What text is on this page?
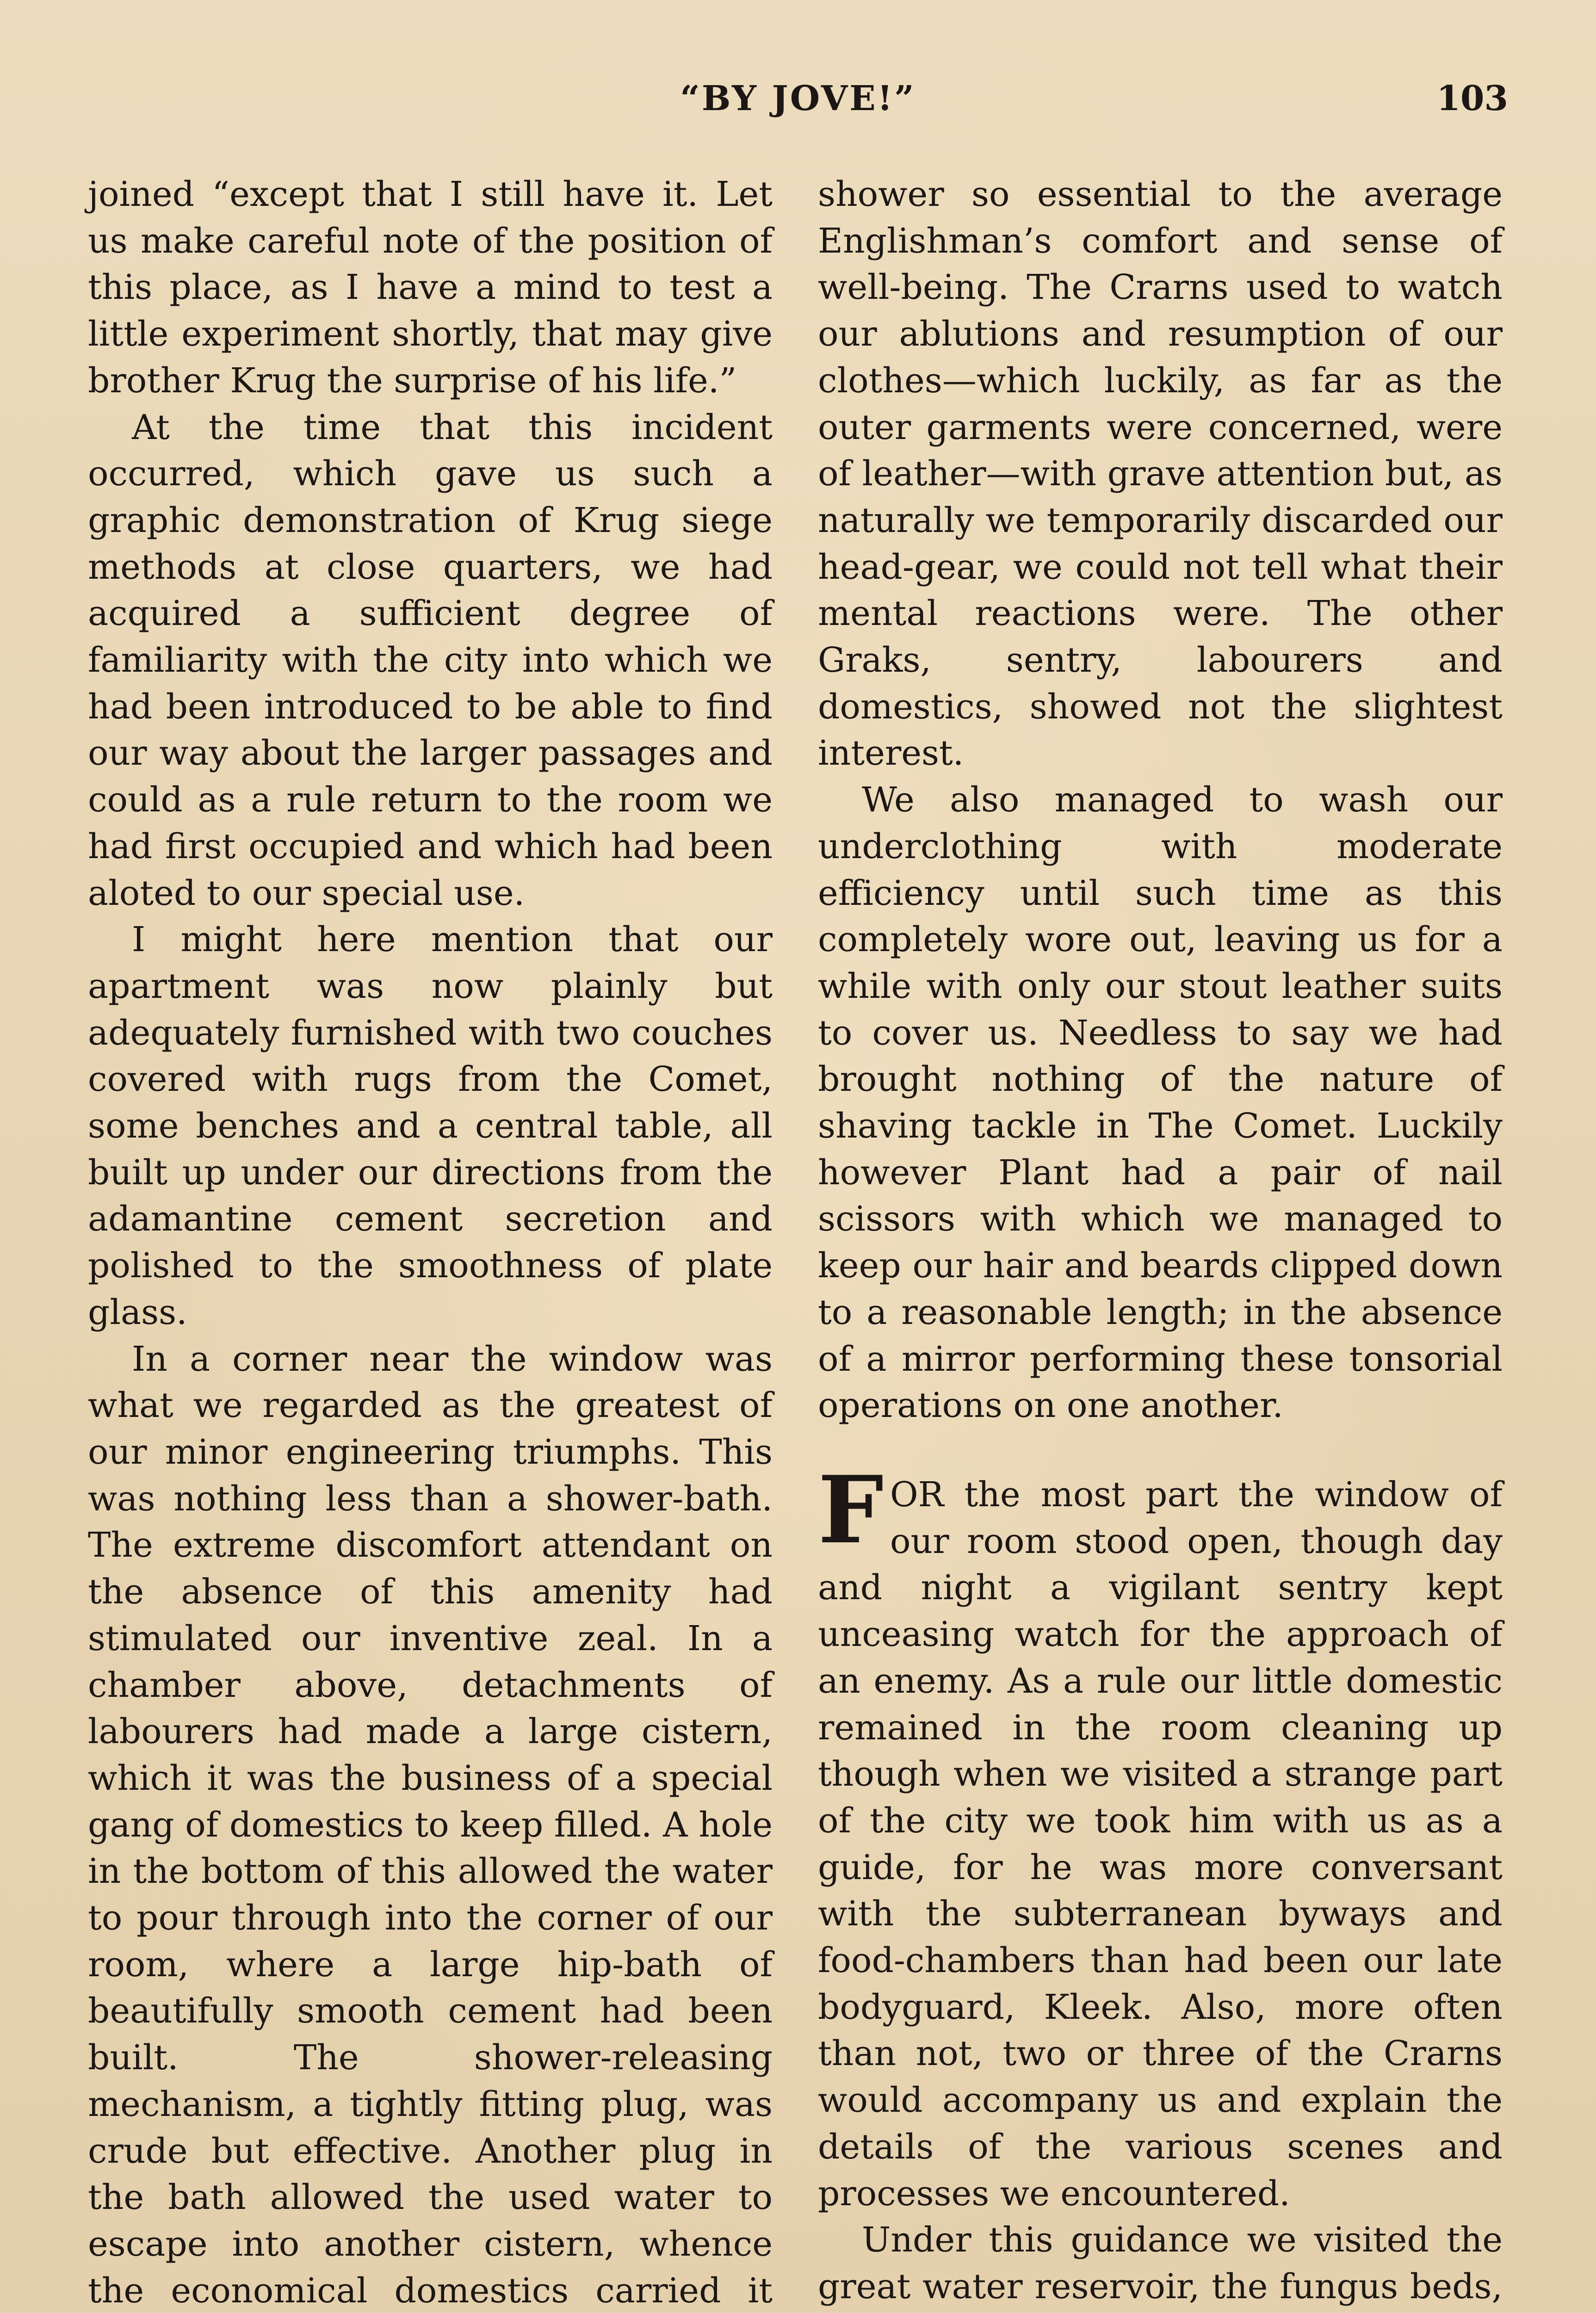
“BY JOVE!”	103

joined “except that I still have it. Let us make careful note of the position of this place, as I have a mind to test a little experiment shortly, that may give brother Krug the surprise of his life.”

At the time that this incident occurred, which gave us such a graphic demonstration of Krug siege methods at close quarters, we had acquired a sufficient degree of familiarity with the city into which we had been introduced to be able to find our way about the larger passages and could as a rule return to the room we had first occupied and which had been aloted to our special use.

I might here mention that our apartment was now plainly but adequately furnished with two couches covered with rugs from the Comet, some benches and a central table, all built up under our directions from the adamantine cement secretion and polished to the smoothness of plate glass.

In a corner near the window was what we regarded as the greatest of our minor engineering triumphs. This was nothing less than a shower-bath. The extreme discomfort attendant on the absence of this amenity had stimulated our inventive zeal. In a chamber above, detachments of labourers had made a large cistern, which it was the business of a special gang of domestics to keep filled. A hole in the bottom of this allowed the water to pour through into the corner of our room, where a large hip-bath of beautifully smooth cement had been built. The shower-releasing mechanism, a tightly fitting plug, was crude but effective. Another plug in the bath allowed the used water to escape into another cistern, whence the economical domestics carried it

shower so essential to the average Englishman’s comfort and sense of well-being. The Crarns used to watch our ablutions and resumption of our clothes—which luckily, as far as the outer garments were concerned, were of leather—with grave attention but, as naturally we temporarily discarded our head-gear, we could not tell what their mental reactions were. The other Graks, sentry, labourers and domestics, showed not the slightest interest.

We also managed to wash our underclothing with moderate efficiency until such time as this completely wore out, leaving us for a while with only our stout leather suits to cover us. Needless to say we had brought nothing of the nature of shaving tackle in The Comet. Luckily however Plant had a pair of nail scissors with which we managed to keep our hair and beards clipped down to a reasonable length; in the absence of a mirror performing these tonsorial operations on one another.

FOR the most part the window of our room stood open, though day and night a vigilant sentry kept unceasing watch for the approach of an enemy. As a rule our little domestic remained in the room cleaning up though when we visited a strange part of the city we took him with us as a guide, for he was more conversant with the subterranean byways and food-chambers than had been our late bodyguard, Kleek. Also, more often than not, two or three of the Crarns would accompany us and explain the details of the various scenes and processes we encountered.

Under this guidance we visited the great water reservoir, the fungus beds,
